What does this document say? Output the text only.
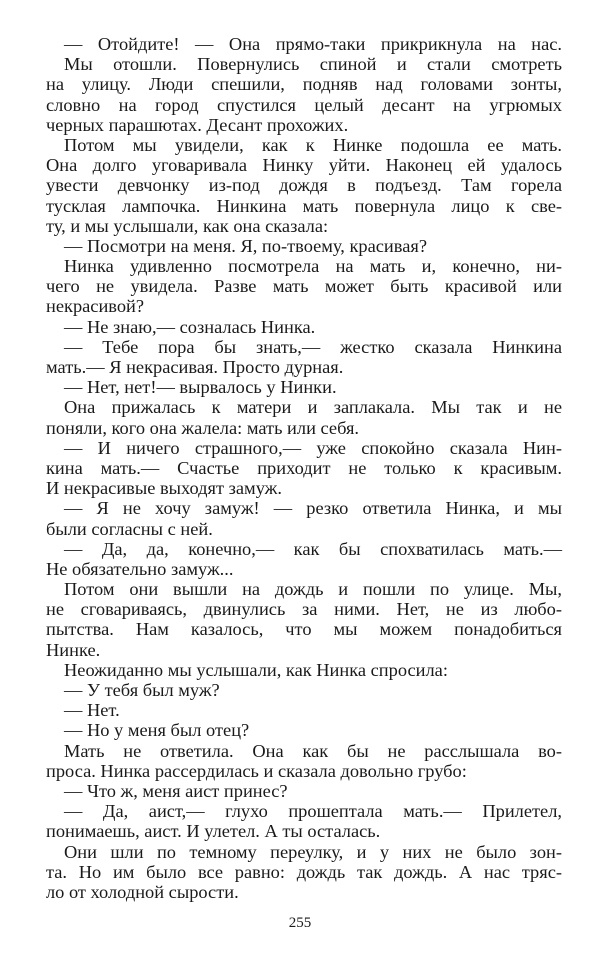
— Отойдите! — Она прямо-таки прикрикнула на нас.
Мы отошли. Повернулись спиной и стали смотреть
на улицу. Люди спешили, подняв над головами зонты,
словно на город спустился целый десант на угрюмых
черных парашютах. Десант прохожих.
Потом мы увидели, как к Нинке подошла ее мать.
Она долго уговаривала Нинку уйти. Наконец ей удалось
увести девчонку из-под дождя в подъезд. Там горела
тусклая лампочка. Нинкина мать повернула лицо к све-
ту, и мы услышали, как она сказала:
— Посмотри на меня. Я, по-твоему, красивая?
Нинка удивленно посмотрела на мать и, конечно, ни-
чего не увидела. Разве мать может быть красивой или
некрасивой?
— Не знаю,— созналась Нинка.
— Тебе пора бы знать,— жестко сказала Нинкина
мать.— Я некрасивая. Просто дурная.
— Нет, нет!— вырвалось у Нинки.
Она прижалась к матери и заплакала. Мы так и не
поняли, кого она жалела: мать или себя.
— И ничего страшного,— уже спокойно сказала Нин-
кина мать.— Счастье приходит не только к красивым.
И некрасивые выходят замуж.
— Я не хочу замуж! — резко ответила Нинка, и мы
были согласны с ней.
— Да, да, конечно,— как бы спохватилась мать.—
Не обязательно замуж...
Потом они вышли на дождь и пошли по улице. Мы,
не сговариваясь, двинулись за ними. Нет, не из любо-
пытства. Нам казалось, что мы можем понадобиться
Нинке.
Неожиданно мы услышали, как Нинка спросила:
— У тебя был муж?
— Нет.
— Но у меня был отец?
Мать не ответила. Она как бы не расслышала во-
проса. Нинка рассердилась и сказала довольно грубо:
— Что ж, меня аист принес?
— Да, аист,— глухо прошептала мать.— Прилетел,
понимаешь, аист. И улетел. А ты осталась.
Они шли по темному переулку, и у них не было зон-
та. Но им было все равно: дождь так дождь. А нас тряс-
ло от холодной сырости.
255
